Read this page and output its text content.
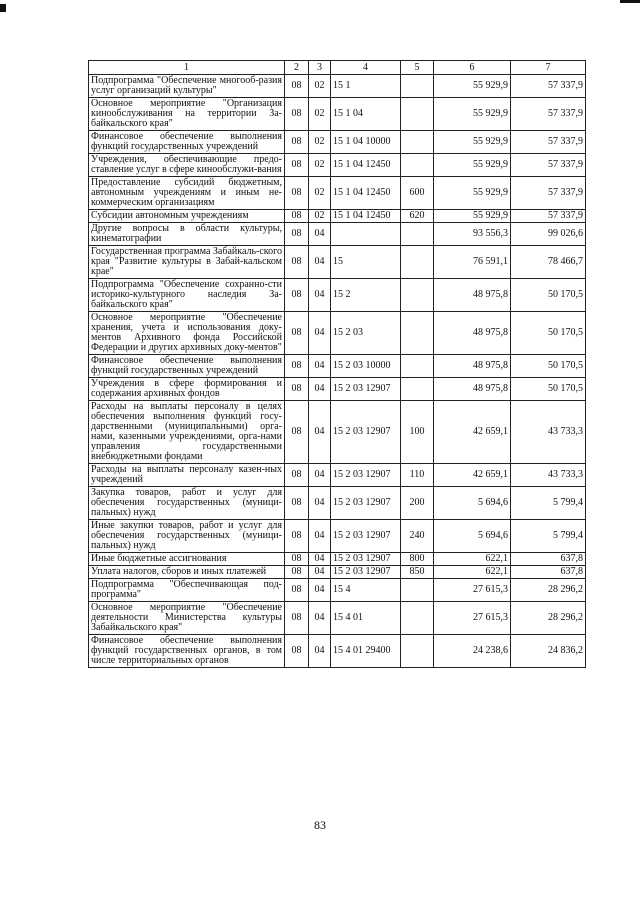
1	2	3	4	5	6	7
Подпрограмма "Обеспечение многооб-разия услуг организаций культуры"	08	02	15 1		55 929,9	57 337,9
Основное мероприятие "Организация кинообслуживания на территории За-байкальского края"	08	02	15 1 04		55 929,9	57 337,9
Финансовое обеспечение выполнения функций государственных учреждений	08	02	15 1 04 10000		55 929,9	57 337,9
Учреждения, обеспечивающие предо-ставление услуг в сфере кинообслужи-вания	08	02	15 1 04 12450		55 929,9	57 337,9
Предоставление субсидий бюджетным, автономным учреждениям и иным не-коммерческим организациям	08	02	15 1 04 12450	600	55 929,9	57 337,9
Субсидии автономным учреждениям	08	02	15 1 04 12450	620	55 929,9	57 337,9
Другие вопросы в области культуры, кинематографии	08	04			93 556,3	99 026,6
Государственная программа Забайкаль-ского края "Развитие культуры в Забай-кальском крае"	08	04	15		76 591,1	78 466,7
Подпрограмма "Обеспечение сохранно-сти историко-культурного наследия За-байкальского края"	08	04	15 2		48 975,8	50 170,5
Основное мероприятие "Обеспечение хранения, учета и использования доку-ментов Архивного фонда Российской Федерации и других архивных доку-ментов"	08	04	15 2 03		48 975,8	50 170,5
Финансовое обеспечение выполнения функций государственных учреждений	08	04	15 2 03 10000		48 975,8	50 170,5
Учреждения в сфере формирования и содержания архивных фондов	08	04	15 2 03 12907		48 975,8	50 170,5
Расходы на выплаты персоналу в целях обеспечения выполнения функций госу-дарственными (муниципальными) орга-нами, казенными учреждениями, орга-нами управления государственными внебюджетными фондами	08	04	15 2 03 12907	100	42 659,1	43 733,3
Расходы на выплаты персоналу казен-ных учреждений	08	04	15 2 03 12907	110	42 659,1	43 733,3
Закупка товаров, работ и услуг для обеспечения государственных (муници-пальных) нужд	08	04	15 2 03 12907	200	5 694,6	5 799,4
Иные закупки товаров, работ и услуг для обеспечения государственных (муници-пальных) нужд	08	04	15 2 03 12907	240	5 694,6	5 799,4
Иные бюджетные ассигнования	08	04	15 2 03 12907	800	622,1	637,8
Уплата налогов, сборов и иных платежей	08	04	15 2 03 12907	850	622,1	637,8
Подпрограмма "Обеспечивающая под-программа"	08	04	15 4		27 615,3	28 296,2
Основное мероприятие "Обеспечение деятельности Министерства культуры Забайкальского края"	08	04	15 4 01		27 615,3	28 296,2
Финансовое обеспечение выполнения функций государственных органов, в том числе территориальных органов	08	04	15 4 01 29400		24 238,6	24 836,2
83
